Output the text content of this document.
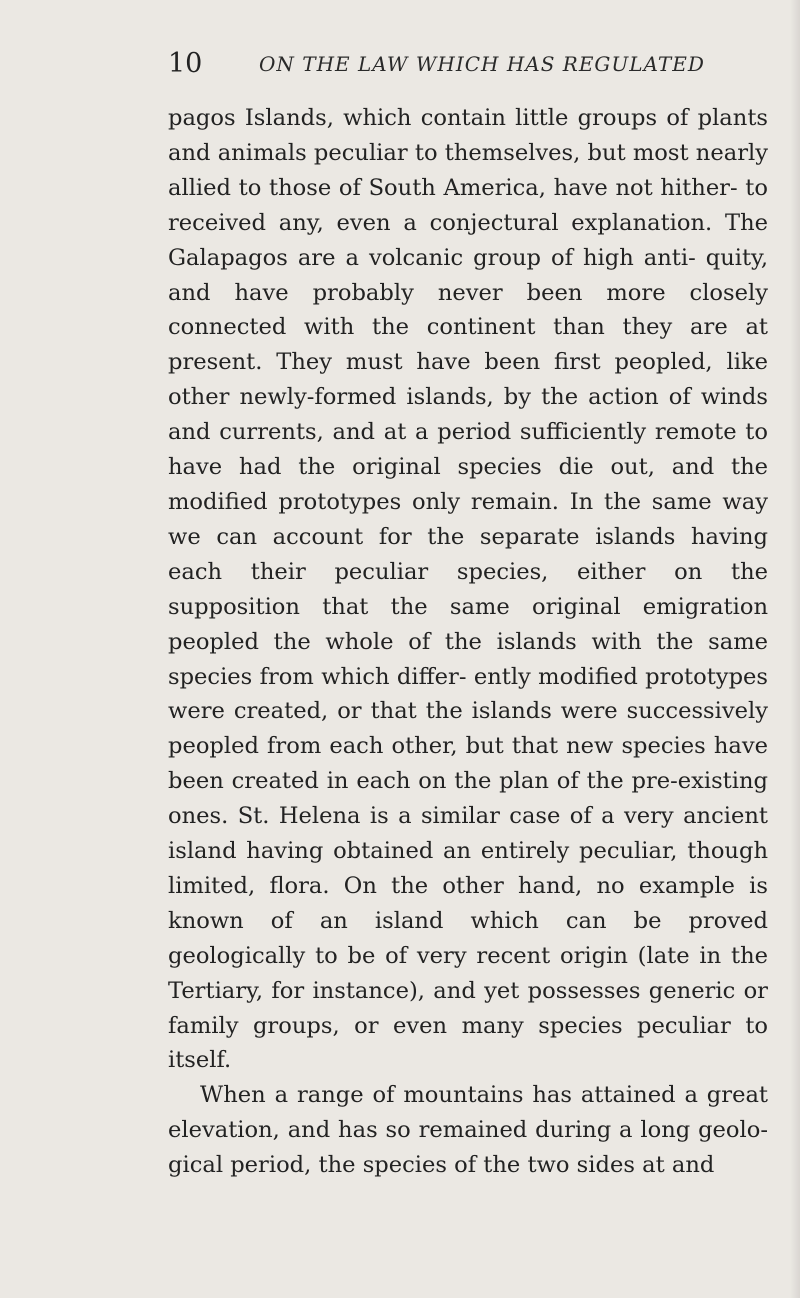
10	ON THE LAW WHICH HAS REGULATED

pagos Islands, which contain little groups of plants and animals peculiar to themselves, but most nearly allied to those of South America, have not hither- to received any, even a conjectural explanation. The Galapagos are a volcanic group of high anti- quity, and have probably never been more closely connected with the continent than they are at present. They must have been first peopled, like other newly-formed islands, by the action of winds and currents, and at a period sufficiently remote to have had the original species die out, and the modified prototypes only remain. In the same way we can account for the separate islands having each their peculiar species, either on the supposition that the same original emigration peopled the whole of the islands with the same species from which differ- ently modified prototypes were created, or that the islands were successively peopled from each other, but that new species have been created in each on the plan of the pre-existing ones. St. Helena is a similar case of a very ancient island having obtained an entirely peculiar, though limited, flora. On the other hand, no example is known of an island which can be proved geologically to be of very recent origin (late in the Tertiary, for instance), and yet possesses generic or family groups, or even many species peculiar to itself.

When a range of mountains has attained a great elevation, and has so remained during a long geolo- gical period, the species of the two sides at and
